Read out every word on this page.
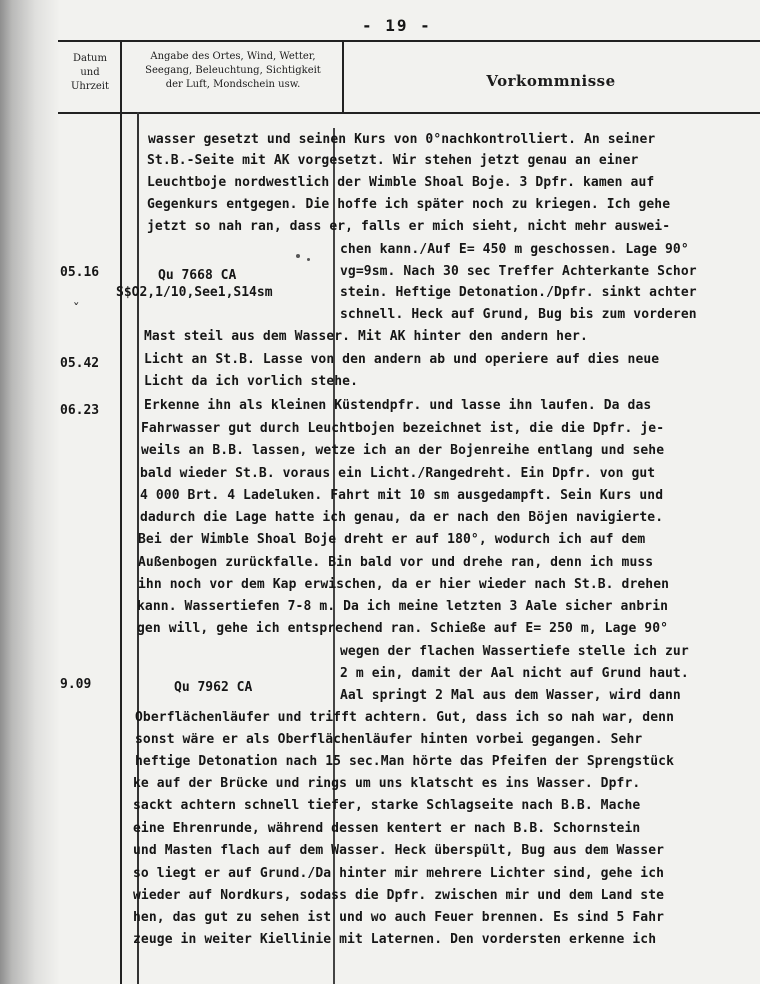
- 19 -
Datum
und
Uhrzeit
Angabe des Ortes, Wind, Wetter,
Seegang, Beleuchtung, Sichtigkeit
der Luft, Mondschein usw.	Vorkommnisse
05.16
05.42
06.23
9.09
Qu 7668 CA
S$O2,1/10,See1,S14sm
Qu 7962 CA
wasser gesetzt und seinen Kurs von 0°nachkontrolliert. An seiner
St.B.-Seite mit AK vorgesetzt. Wir stehen jetzt genau an einer
Leuchtboje nordwestlich der Wimble Shoal Boje. 3 Dpfr. kamen auf
Gegenkurs entgegen. Die hoffe ich später noch zu kriegen. Ich gehe
jetzt so nah ran, dass er, falls er mich sieht, nicht mehr auswei-
chen kann./Auf E= 450 m geschossen. Lage 90°
vg=9sm. Nach 30 sec Treffer Achterkante Schor
stein. Heftige Detonation./Dpfr. sinkt achter
schnell. Heck auf Grund, Bug bis zum vorderen
Mast steil aus dem Wasser. Mit AK hinter den andern her.
Licht an St.B. Lasse von den andern ab und operiere auf dies neue
Licht da ich vorlich stehe.
Erkenne ihn als kleinen Küstendpfr. und lasse ihn laufen. Da das
Fahrwasser gut durch Leuchtbojen bezeichnet ist, die die Dpfr. je-
weils an B.B. lassen, wetze ich an der Bojenreihe entlang und sehe
bald wieder St.B. voraus ein Licht./Rangedreht. Ein Dpfr. von gut
4 000 Brt. 4 Ladeluken. Fahrt mit 10 sm ausgedampft. Sein Kurs und
dadurch die Lage hatte ich genau, da er nach den Böjen navigierte.
Bei der Wimble Shoal Boje dreht er auf 180°, wodurch ich auf dem
Außenbogen zurückfalle. Bin bald vor und drehe ran, denn ich muss
ihn noch vor dem Kap erwischen, da er hier wieder nach St.B. drehen
kann. Wassertiefen 7-8 m. Da ich meine letzten 3 Aale sicher anbrin
gen will, gehe ich entsprechend ran. Schieße auf E= 250 m, Lage 90°
wegen der flachen Wassertiefe stelle ich zur
2 m ein, damit der Aal nicht auf Grund haut.
Aal springt 2 Mal aus dem Wasser, wird dann
Oberflächenläufer und trifft achtern. Gut, dass ich so nah war, denn
sonst wäre er als Oberflächenläufer hinten vorbei gegangen. Sehr
heftige Detonation nach 15 sec.Man hörte das Pfeifen der Sprengstück
ke auf der Brücke und rings um uns klatscht es ins Wasser. Dpfr.
sackt achtern schnell tiefer, starke Schlagseite nach B.B. Mache
eine Ehrenrunde, während dessen kentert er nach B.B. Schornstein
und Masten flach auf dem Wasser. Heck überspült, Bug aus dem Wasser
so liegt er auf Grund./Da hinter mir mehrere Lichter sind, gehe ich
wieder auf Nordkurs, sodass die Dpfr. zwischen mir und dem Land ste
hen, das gut zu sehen ist und wo auch Feuer brennen. Es sind 5 Fahr
zeuge in weiter Kiellinie mit Laternen. Den vordersten erkenne ich
ˇ
